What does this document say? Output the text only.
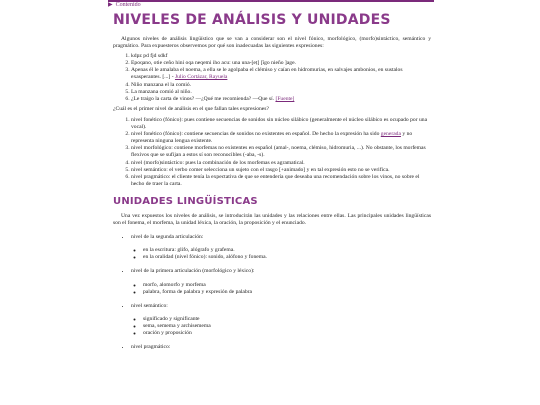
▶ Contenido
NIVELES DE ANÁLISIS Y UNIDADES

Algunos niveles de análisis lingüístico que se van a considerar son el nivel fónico, morfológico, (morfo)sintáctico, semántico y pragmático. Para expuesteros observemos por qué son inadecuadas las siguientes expresiones:

1. kdpz pd fjd sdkf
2. Epoqano, otie ceño hini oqa neqemi iho acu: una una-[eṭ] [ĭgo nieño ]age.
3. Apenas él le amalaba el noema, a ella se le agolpaba el clémiso y caían en hidromurias, en salvajes ambonios, en sustalos exasperantes. [...] - Julio Cortázar, Rayuela
4. Niño manzana el la comió.
5. La manzana comió al niño.
6. ¿Le traigo la carta de vinos? —¿Qué me recomienda? —Que sí. [Fuente]

¿Cuál es el primer nivel de análisis en el que fallan tales expresiones?

1. nivel fonético (fónico): pues contiene secuencias de sonidos sin núcleo silábico (generalmente el núcleo silábico es ocupado por una vocal).
2. nivel fonético (fónico): contiene secuencias de sonidos no existentes en español. De hecho la expresión ha sido generada y no representa ninguna lengua existente.
3. nivel morfológico: contiene morfemas no existentes en español (amal-, noema, clémiso, hidromuria, ...). No obstante, los morfemas flexivos que se sufijan a estos sí son reconocibles (-aba, -s).
4. nivel (morfo)sintáctico: pues la combinación de los morfemas es agramatical.
5. nivel semántico: el verbo comer selecciona un sujeto con el rasgo [+animado] y en tal expresión esto no se verifica.
6. nivel pragmático: el cliente tenía la expectativa de que se entendería que deseaba una recomendación sobre los vinos, no sobre el hecho de traer la carta.
UNIDADES LINGÜÍSTICAS

Una vez expuestos los niveles de análisis, se introducirán las unidades y las relaciones entre ellas. Las principales unidades lingüísticas son el fonema, el morfema, la unidad léxica, la oración, la proposición y el enunciado.

• nivel de la segunda articulación:
◦ en la escritura: glifo, alógrafo y grafema.
◦ en la oralidad (nivel fónico): sonido, alófono y fonema.
• nivel de la primera articulación (morfológico y léxico):
◦ morfo, alomorfo y morfema
◦ palabra, forma de palabra y expresión de palabra
• nivel semántico:
◦ significado y significante
◦ sema, semema y archisemema
◦ oración y proposición
• nivel pragmático:
